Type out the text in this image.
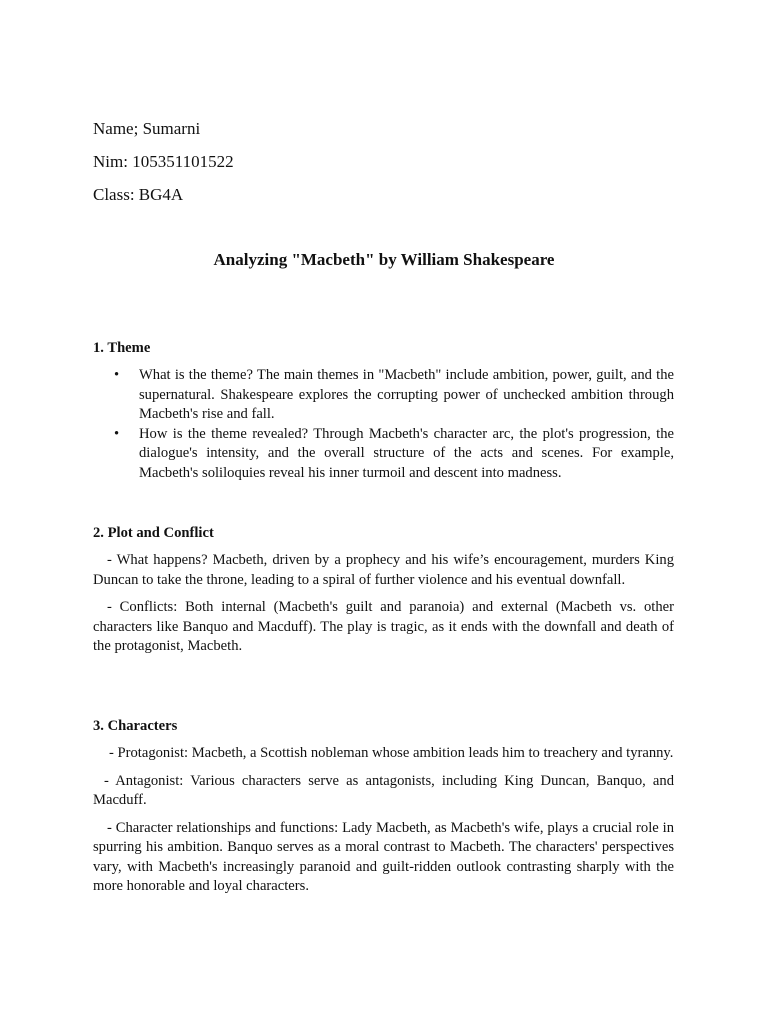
Name; Sumarni

Nim: 105351101522

Class: BG4A

Analyzing "Macbeth" by William Shakespeare
1. Theme
• What is the theme? The main themes in "Macbeth" include ambition, power, guilt, and the supernatural. Shakespeare explores the corrupting power of unchecked ambition through Macbeth's rise and fall.
• How is the theme revealed? Through Macbeth's character arc, the plot's progression, the dialogue's intensity, and the overall structure of the acts and scenes. For example, Macbeth's soliloquies reveal his inner turmoil and descent into madness.
2. Plot and Conflict

- What happens? Macbeth, driven by a prophecy and his wife’s encouragement, murders King Duncan to take the throne, leading to a spiral of further violence and his eventual downfall.

- Conflicts: Both internal (Macbeth's guilt and paranoia) and external (Macbeth vs. other characters like Banquo and Macduff). The play is tragic, as it ends with the downfall and death of the protagonist, Macbeth.

3. Characters

- Protagonist: Macbeth, a Scottish nobleman whose ambition leads him to treachery and tyranny.

- Antagonist: Various characters serve as antagonists, including King Duncan, Banquo, and Macduff.

- Character relationships and functions: Lady Macbeth, as Macbeth's wife, plays a crucial role in spurring his ambition. Banquo serves as a moral contrast to Macbeth. The characters' perspectives vary, with Macbeth's increasingly paranoid and guilt-ridden outlook contrasting sharply with the more honorable and loyal characters.
